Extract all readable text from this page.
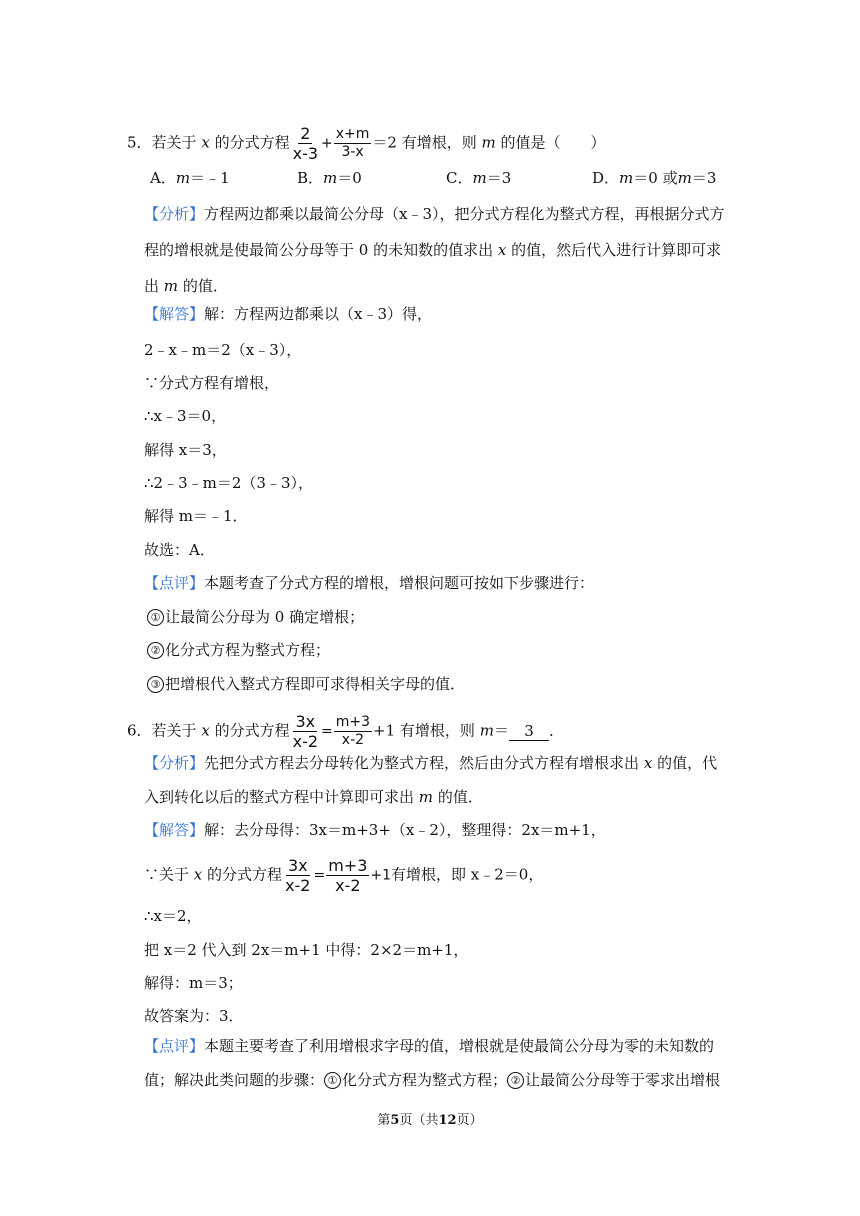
5．若关于 x 的分式方程 $\frac{2}{x-3} + \frac{x+m}{3-x} =2$ 有增根，则 m 的值是（　　）
A．m＝﹣1	B．m＝0	C．m＝3	D．m＝0 或m＝3
【分析】方程两边都乘以最简公分母（x﹣3），把分式方程化为整式方程，再根据分式方
程的增根就是使最简公分母等于 0 的未知数的值求出 x 的值，然后代入进行计算即可求
出 m 的值．
【解答】解：方程两边都乘以（x﹣3）得，
2﹣x﹣m＝2（x﹣3），
∵分式方程有增根，
∴x﹣3＝0，
解得 x＝3，
∴2﹣3﹣m＝2（3﹣3），
解得 m＝﹣1．
故选：A．
【点评】本题考查了分式方程的增根，增根问题可按如下步骤进行：
① 让最简公分母为 0 确定增根；
② 化分式方程为整式方程；
③ 把增根代入整式方程即可求得相关字母的值．
6．若关于 x 的分式方程 $\frac{3x}{x-2} = \frac{m+3}{x-2} +1$ 有增根，则 m＝ 3 ．
【分析】先把分式方程去分母转化为整式方程，然后由分式方程有增根求出 x 的值，代
入到转化以后的整式方程中计算即可求出 m 的值．
【解答】解：去分母得：3x＝m+3+（x﹣2），整理得：2x＝m+1，
∵关于 x 的分式方程 $\frac{3x}{x-2} = \frac{m+3}{x-2} +1$有增根，即 x﹣2＝0，
∴x＝2，
把 x＝2 代入到 2x＝m+1 中得：2×2＝m+1，
解得：m＝3；
故答案为：3．
【点评】本题主要考查了利用增根求字母的值，增根就是使最简公分母为零的未知数的
值；解决此类问题的步骤： ① 化分式方程为整式方程； ② 让最简公分母等于零求出增根
第5页（共12页）
